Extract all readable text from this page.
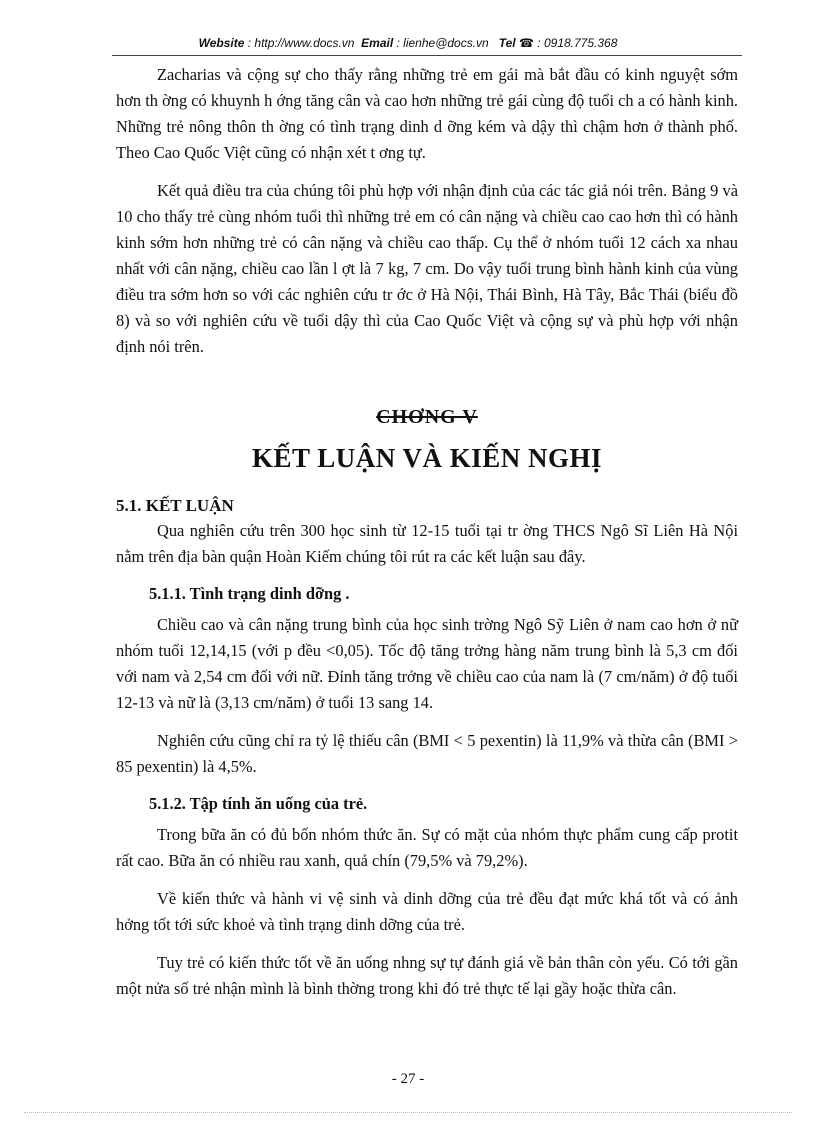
Website : http://www.docs.vn Email : lienhe@docs.vn Tel ☎ : 0918.775.368

Zacharias và cộng sự cho thấy rằng những trẻ em gái mà bắt đầu có kinh nguyệt sớm hơn th ờng có khuynh h ớng tăng cân và cao hơn những trẻ gái cùng độ tuổi ch a có hành kinh. Những trẻ nông thôn th ờng có tình trạng dinh d ỡng kém và dậy thì chậm hơn ở thành phố. Theo Cao Quốc Việt cũng có nhận xét t ơng tự.

Kết quả điều tra của chúng tôi phù hợp với nhận định của các tác giả nói trên. Bảng 9 và 10 cho thấy trẻ cùng nhóm tuổi thì những trẻ em có cân nặng và chiều cao cao hơn thì có hành kinh sớm hơn những trẻ có cân nặng và chiều cao thấp. Cụ thể ở nhóm tuổi 12 cách xa nhau nhất với cân nặng, chiều cao lần l ợt là 7 kg, 7 cm. Do vậy tuổi trung bình hành kinh của vùng điều tra sớm hơn so với các nghiên cứu tr ớc ở Hà Nội, Thái Bình, Hà Tây, Bắc Thái (biểu đồ 8) và so với nghiên cứu về tuổi dậy thì của Cao Quốc Việt và cộng sự và phù hợp với nhận định nói trên.

CHƠNG V
KẾT LUẬN VÀ KIẾN NGHỊ
5.1. KẾT LUẬN

Qua nghiên cứu trên 300 học sinh từ 12-15 tuổi tại tr ờng THCS Ngô Sĩ Liên Hà Nội nằm trên địa bàn quận Hoàn Kiếm chúng tôi rút ra các kết luận sau đây.

5.1.1. Tình trạng dinh dỡng .

Chiều cao và cân nặng trung bình của học sinh trờng Ngô Sỹ Liên ở nam cao hơn ở nữ nhóm tuổi 12,14,15 (với p đều <0,05). Tốc độ tăng trởng hàng năm trung bình là 5,3 cm đối với nam và 2,54 cm đối với nữ. Đỉnh tăng trởng về chiều cao của nam là (7 cm/năm) ở độ tuổi 12-13 và nữ là (3,13 cm/năm) ở tuổi 13 sang 14.

Nghiên cứu cũng chỉ ra tỷ lệ thiếu cân (BMI < 5 pexentin) là 11,9% và thừa cân (BMI > 85 pexentin) là 4,5%.

5.1.2. Tập tính ăn uống của trẻ.

Trong bữa ăn có đủ bốn nhóm thức ăn. Sự có mặt của nhóm thực phẩm cung cấp protit rất cao. Bữa ăn có nhiều rau xanh, quả chín (79,5% và 79,2%).

Về kiến thức và hành vi vệ sinh và dinh dỡng của trẻ đều đạt mức khá tốt và có ảnh hởng tốt tới sức khoẻ và tình trạng dinh dỡng của trẻ.

Tuy trẻ có kiến thức tốt về ăn uống nhng sự tự đánh giá về bản thân còn yếu. Có tới gần một nửa số trẻ nhận mình là bình thờng trong khi đó trẻ thực tế lại gầy hoặc thừa cân.

- 27 -
